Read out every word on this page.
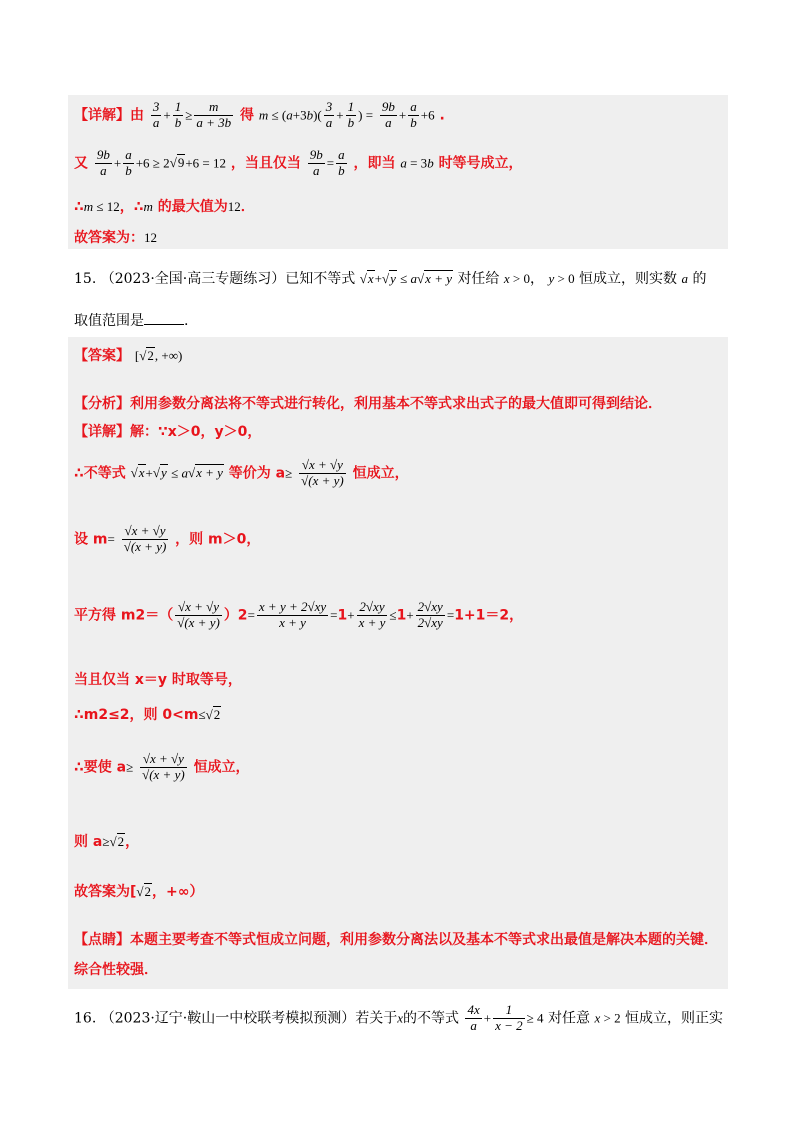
【详解】由 $\frac{3}{a} + \frac{1}{b} \ge \frac{m}{a + 3b}$ 得 $m \le (a+3b)( \frac{3}{a} + \frac{1}{b}$ ) = $\frac{9b}{a} + \frac{a}{b} +6$ .
又 $\frac{9b}{a} + \frac{a}{b} +6 \ge 2√9+6 = 12$ ，当且仅当 $\frac{9b}{a} = \frac{a}{b}$ ，即当 a = 3b 时等号成立，
∴m ≤ 12，∴m 的最大值为12．
故答案为：12
15. （2023·全国·高三专题练习）已知不等式 √x+√y ≤ a√x + y 对任给 x > 0， y > 0 恒成立，则实数 a 的
取值范围是	.
【答案】 [√2, +∞)
【分析】利用参数分离法将不等式进行转化，利用基本不等式求出式子的最大值即可得到结论．
【详解】解：∵x＞0，y＞0，
∴不等式 √x+√y ≤ a√x + y 等价为 $a\ge \frac{√x + √y}{√(x + y)}$ 恒成立，
设 $m= \frac{√x + √y}{√(x + y)}$ ，则 m＞0，
平方得 $m2=( \frac{√x + √y}{√(x + y)} )2= \frac{x + y + 2√xy}{x + y} =1+ \frac{2√xy}{x + y} \le 1+ \frac{2√xy}{2√xy} =1+1=2$，
当且仅当 x＝y 时取等号，
∴m2≤2，则 0<m≤√2
∴要使 $a\ge \frac{√x + √y}{√(x + y)}$ 恒成立，
则 a≥√2，
故答案为[√2，+∞）
【点睛】本题主要考查不等式恒成立问题，利用参数分离法以及基本不等式求出最值是解决本题的关键．
综合性较强．
16. （2023·辽宁·鞍山一中校联考模拟预测）若关于x的不等式 $\frac{4x}{a} + \frac{1}{x - 2} \ge 4$ 对任意 x > 2 恒成立，则正实
